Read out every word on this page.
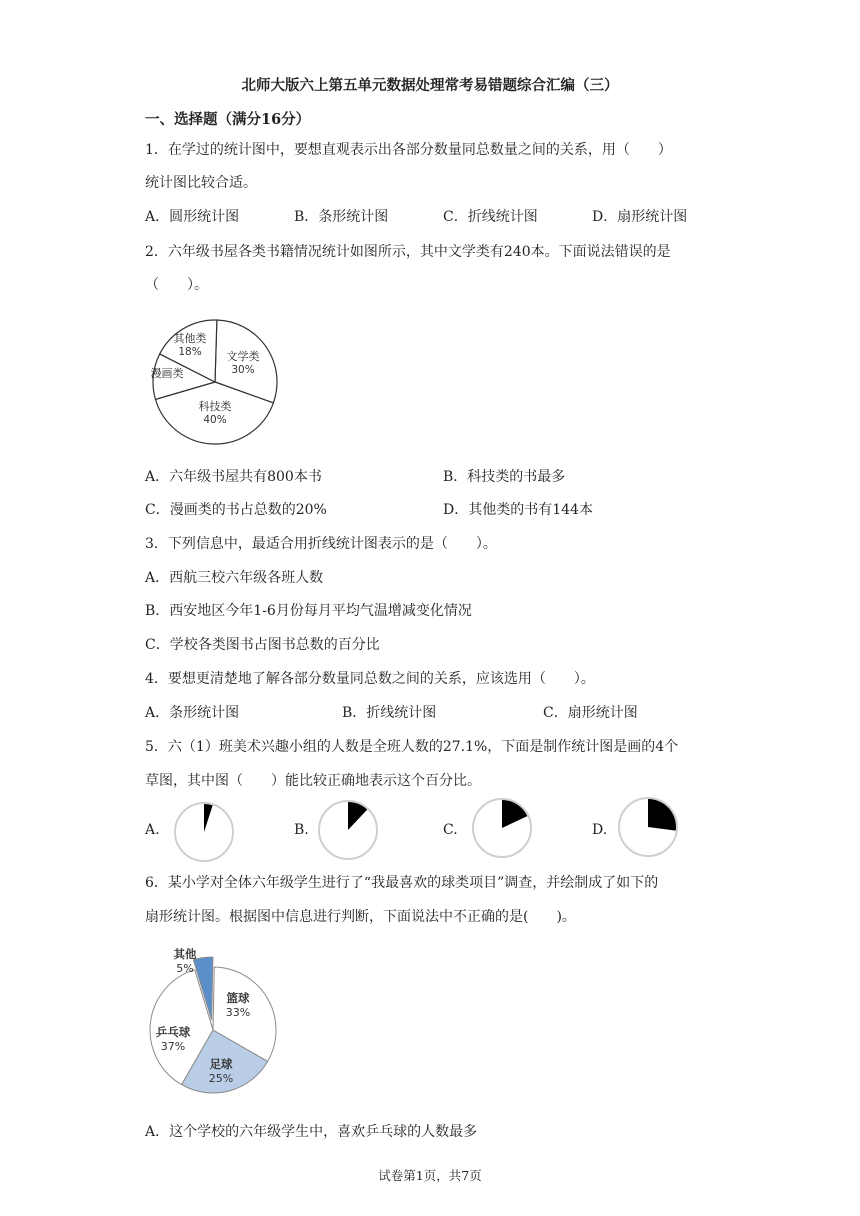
北师大版六上第五单元数据处理常考易错题综合汇编（三）
一、选择题（满分16分）
1．在学过的统计图中，要想直观表示出各部分数量同总数量之间的关系，用（　　）
统计图比较合适。
A．圆形统计图	B．条形统计图	C．折线统计图	D．扇形统计图
2．六年级书屋各类书籍情况统计如图所示，其中文学类有240本。下面说法错误的是
（　　）。
文学类
30%
科技类
40%
漫画类
其他类
18%
A．六年级书屋共有800本书	B．科技类的书最多
C．漫画类的书占总数的20%	D．其他类的书有144本
3．下列信息中，最适合用折线统计图表示的是（　　）。
A．西航三校六年级各班人数
B．西安地区今年1-6月份每月平均气温增减变化情况
C．学校各类图书占图书总数的百分比
4．要想更清楚地了解各部分数量同总数之间的关系，应该选用（　　）。
A．条形统计图	B．折线统计图	C．扇形统计图
5．六（1）班美术兴趣小组的人数是全班人数的27.1%，下面是制作统计图是画的4个
草图，其中图（　　）能比较正确地表示这个百分比。
A.	B.	C.	D.
6．某小学对全体六年级学生进行了“我最喜欢的球类项目”调查，并绘制成了如下的
扇形统计图。根据图中信息进行判断，下面说法中不正确的是(　　)。
篮球
33%
足球
25%
乒乓球
37%
其他
5%
A．这个学校的六年级学生中，喜欢乒乓球的人数最多
试卷第1页，共7页
